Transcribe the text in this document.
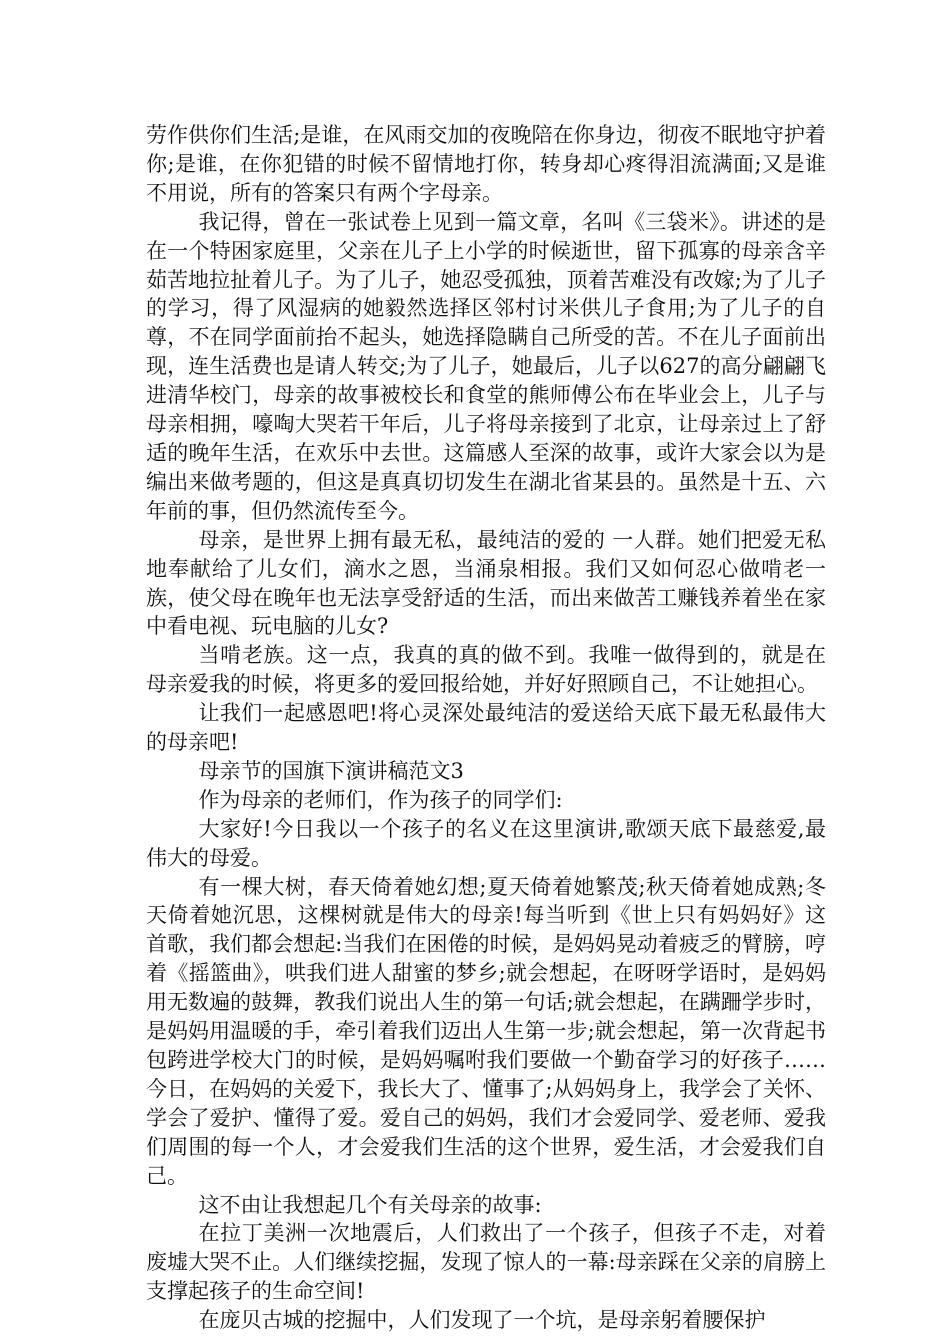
劳作供你们生活;是谁，在风雨交加的夜晚陪在你身边，彻夜不眠地守护着你;是谁，在你犯错的时候不留情地打你，转身却心疼得泪流满面;又是谁不用说，所有的答案只有两个字母亲。

我记得，曾在一张试卷上见到一篇文章，名叫《三袋米》。讲述的是在一个特困家庭里，父亲在儿子上小学的时候逝世，留下孤寡的母亲含辛茹苦地拉扯着儿子。为了儿子，她忍受孤独，顶着苦难没有改嫁;为了儿子的学习，得了风湿病的她毅然选择区邻村讨米供儿子食用;为了儿子的自尊，不在同学面前抬不起头，她选择隐瞒自己所受的苦。不在儿子面前出现，连生活费也是请人转交;为了儿子，她最后，儿子以627的高分翩翩飞进清华校门，母亲的故事被校长和食堂的熊师傅公布在毕业会上，儿子与母亲相拥，嚎啕大哭若干年后，儿子将母亲接到了北京，让母亲过上了舒适的晚年生活，在欢乐中去世。这篇感人至深的故事，或许大家会以为是编出来做考题的，但这是真真切切发生在湖北省某县的。虽然是十五、六年前的事，但仍然流传至今。

母亲，是世界上拥有最无私，最纯洁的爱的 一人群。她们把爱无私地奉献给了儿女们，滴水之恩，当涌泉相报。我们又如何忍心做啃老一族，使父母在晚年也无法享受舒适的生活，而出来做苦工赚钱养着坐在家中看电视、玩电脑的儿女?

当啃老族。这一点，我真的真的做不到。我唯一做得到的，就是在母亲爱我的时候，将更多的爱回报给她，并好好照顾自己，不让她担心。

让我们一起感恩吧!将心灵深处最纯洁的爱送给天底下最无私最伟大的母亲吧!

母亲节的国旗下演讲稿范文3

作为母亲的老师们，作为孩子的同学们:

大家好!今日我以一个孩子的名义在这里演讲,歌颂天底下最慈爱,最伟大的母爱。

有一棵大树，春天倚着她幻想;夏天倚着她繁茂;秋天倚着她成熟;冬天倚着她沉思，这棵树就是伟大的母亲!每当听到《世上只有妈妈好》这首歌，我们都会想起:当我们在困倦的时候，是妈妈晃动着疲乏的臂膀，哼着《摇篮曲》，哄我们进人甜蜜的梦乡;就会想起，在呀呀学语时，是妈妈用无数遍的鼓舞，教我们说出人生的第一句话;就会想起，在蹒跚学步时，是妈妈用温暖的手，牵引着我们迈出人生第一步;就会想起，第一次背起书包跨进学校大门的时候，是妈妈嘱咐我们要做一个勤奋学习的好孩子……今日，在妈妈的关爱下，我长大了、懂事了;从妈妈身上，我学会了关怀、学会了爱护、懂得了爱。爱自己的妈妈，我们才会爱同学、爱老师、爱我们周围的每一个人，才会爱我们生活的这个世界，爱生活，才会爱我们自己。

这不由让我想起几个有关母亲的故事:

在拉丁美洲一次地震后，人们救出了一个孩子，但孩子不走，对着废墟大哭不止。人们继续挖掘，发现了惊人的一幕:母亲踩在父亲的肩膀上支撑起孩子的生命空间!

在庞贝古城的挖掘中，人们发现了一个坑，是母亲躬着腰保护
